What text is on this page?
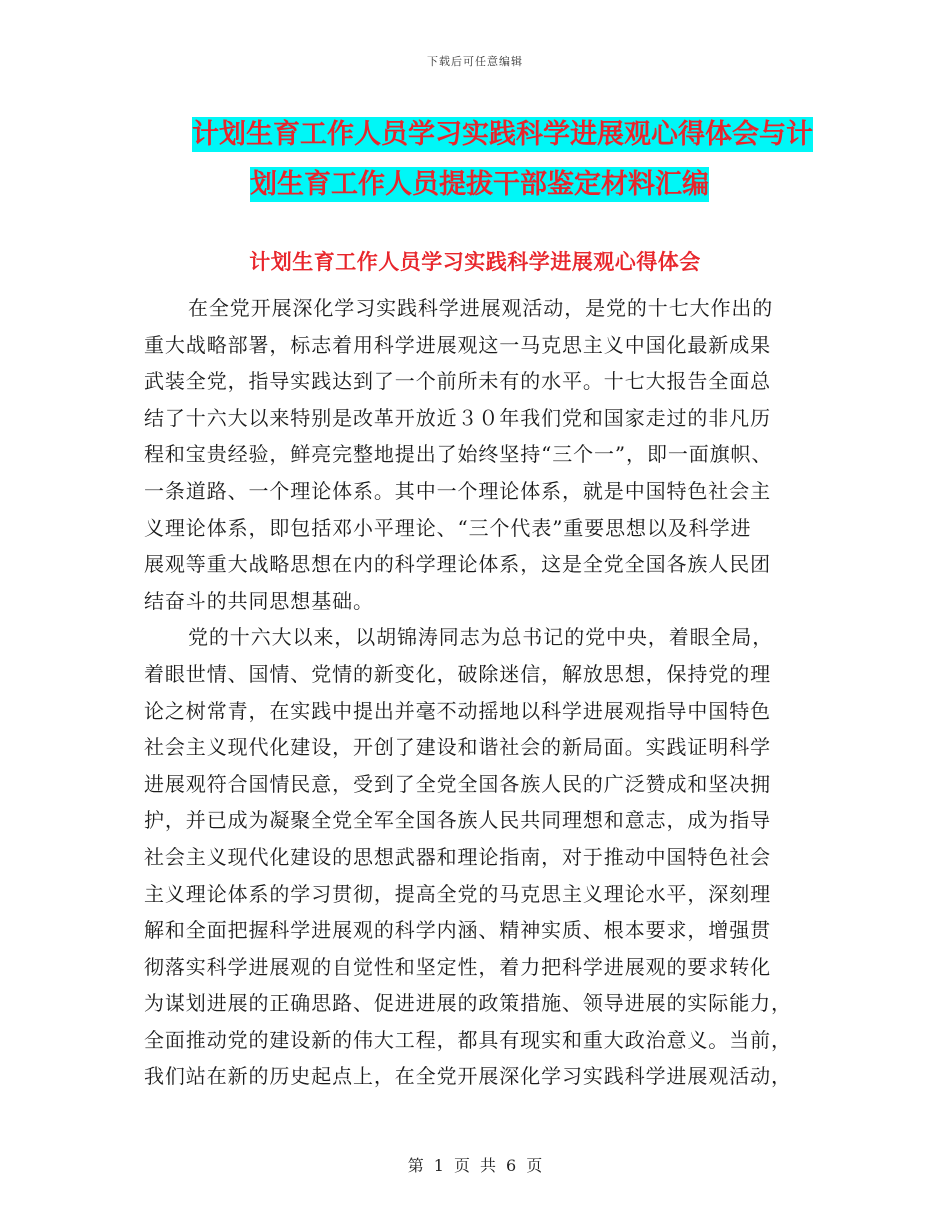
下载后可任意编辑
计划生育工作人员学习实践科学进展观心得体会与计
划生育工作人员提拔干部鉴定材料汇编
计划生育工作人员学习实践科学进展观心得体会
在全党开展深化学习实践科学进展观活动，是党的十七大作出的
重大战略部署，标志着用科学进展观这一马克思主义中国化最新成果
武装全党，指导实践达到了一个前所未有的水平。十七大报告全面总
结了十六大以来特别是改革开放近３０年我们党和国家走过的非凡历
程和宝贵经验，鲜亮完整地提出了始终坚持“三个一”，即一面旗帜、
一条道路、一个理论体系。其中一个理论体系，就是中国特色社会主
义理论体系，即包括邓小平理论、“三个代表”重要思想以及科学进
展观等重大战略思想在内的科学理论体系，这是全党全国各族人民团
结奋斗的共同思想基础。
党的十六大以来，以胡锦涛同志为总书记的党中央，着眼全局，
着眼世情、国情、党情的新变化，破除迷信，解放思想，保持党的理
论之树常青，在实践中提出并毫不动摇地以科学进展观指导中国特色
社会主义现代化建设，开创了建设和谐社会的新局面。实践证明科学
进展观符合国情民意，受到了全党全国各族人民的广泛赞成和坚决拥
护，并已成为凝聚全党全军全国各族人民共同理想和意志，成为指导
社会主义现代化建设的思想武器和理论指南，对于推动中国特色社会
主义理论体系的学习贯彻，提高全党的马克思主义理论水平，深刻理
解和全面把握科学进展观的科学内涵、精神实质、根本要求，增强贯
彻落实科学进展观的自觉性和坚定性，着力把科学进展观的要求转化
为谋划进展的正确思路、促进进展的政策措施、领导进展的实际能力，
全面推动党的建设新的伟大工程，都具有现实和重大政治意义。当前，
我们站在新的历史起点上，在全党开展深化学习实践科学进展观活动，
第 1 页 共 6 页
